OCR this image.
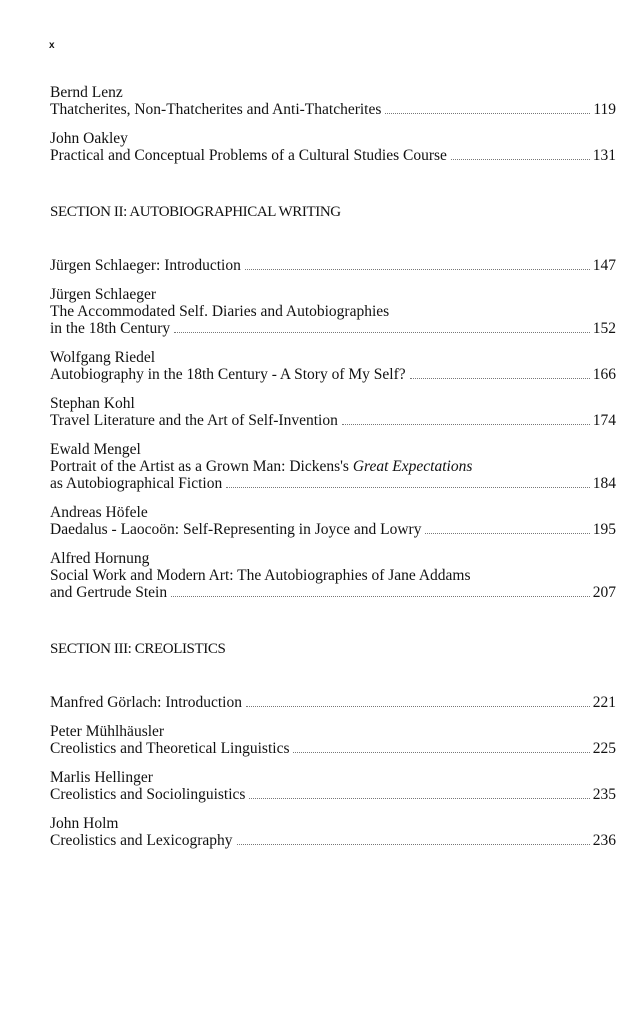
x
Bernd Lenz
Thatcherites, Non-Thatcherites and Anti-Thatcherites	119
John Oakley
Practical and Conceptual Problems of a Cultural Studies Course	131
SECTION II: AUTOBIOGRAPHICAL WRITING
Jürgen Schlaeger: Introduction	147
Jürgen Schlaeger
The Accommodated Self. Diaries and Autobiographies
in the 18th Century	152
Wolfgang Riedel
Autobiography in the 18th Century - A Story of My Self?	166
Stephan Kohl
Travel Literature and the Art of Self-Invention	174
Ewald Mengel
Portrait of the Artist as a Grown Man: Dickens's Great Expectations
as Autobiographical Fiction	184
Andreas Höfele
Daedalus - Laocoön: Self-Representing in Joyce and Lowry	195
Alfred Hornung
Social Work and Modern Art: The Autobiographies of Jane Addams
and Gertrude Stein	207
SECTION III: CREOLISTICS
Manfred Görlach: Introduction	221
Peter Mühlhäusler
Creolistics and Theoretical Linguistics	225
Marlis Hellinger
Creolistics and Sociolinguistics	235
John Holm
Creolistics and Lexicography	236
